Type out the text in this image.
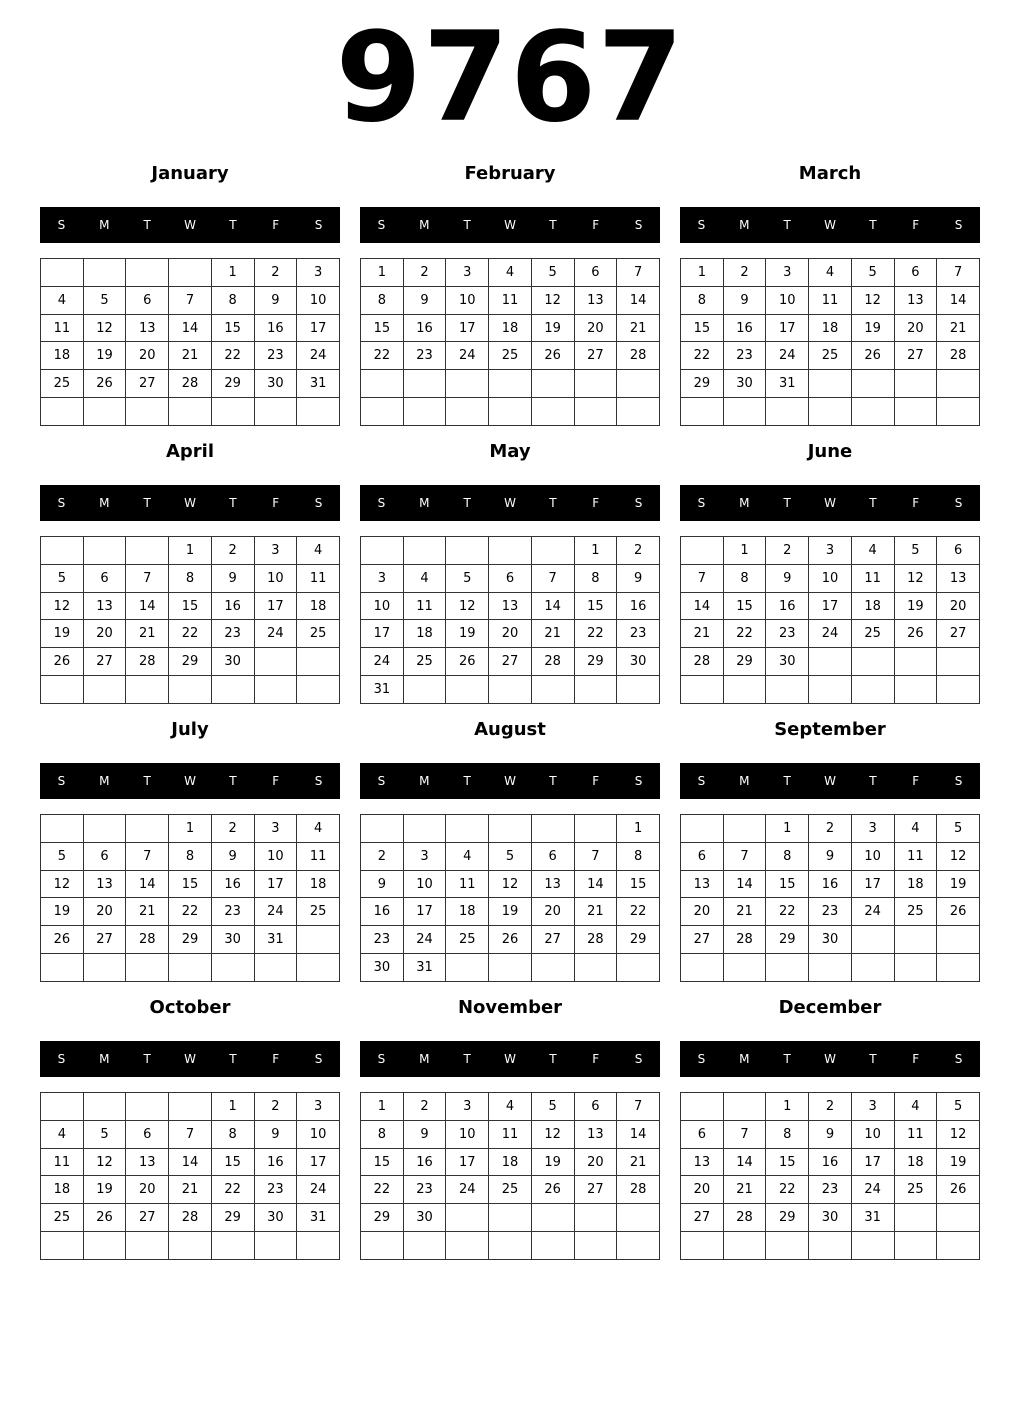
9767
January
S	M	T	W	T	F	S
				1	2	3
4	5	6	7	8	9	10
11	12	13	14	15	16	17
18	19	20	21	22	23	24
25	26	27	28	29	30	31

February
S	M	T	W	T	F	S
1	2	3	4	5	6	7
8	9	10	11	12	13	14
15	16	17	18	19	20	21
22	23	24	25	26	27	28

March
S	M	T	W	T	F	S
1	2	3	4	5	6	7
8	9	10	11	12	13	14
15	16	17	18	19	20	21
22	23	24	25	26	27	28
29	30	31				

April
S	M	T	W	T	F	S
			1	2	3	4
5	6	7	8	9	10	11
12	13	14	15	16	17	18
19	20	21	22	23	24	25
26	27	28	29	30		

May
S	M	T	W	T	F	S
					1	2
3	4	5	6	7	8	9
10	11	12	13	14	15	16
17	18	19	20	21	22	23
24	25	26	27	28	29	30
31						
June
S	M	T	W	T	F	S
	1	2	3	4	5	6
7	8	9	10	11	12	13
14	15	16	17	18	19	20
21	22	23	24	25	26	27
28	29	30				

July
S	M	T	W	T	F	S
			1	2	3	4
5	6	7	8	9	10	11
12	13	14	15	16	17	18
19	20	21	22	23	24	25
26	27	28	29	30	31	

August
S	M	T	W	T	F	S
						1
2	3	4	5	6	7	8
9	10	11	12	13	14	15
16	17	18	19	20	21	22
23	24	25	26	27	28	29
30	31					
September
S	M	T	W	T	F	S
		1	2	3	4	5
6	7	8	9	10	11	12
13	14	15	16	17	18	19
20	21	22	23	24	25	26
27	28	29	30			

October
S	M	T	W	T	F	S
				1	2	3
4	5	6	7	8	9	10
11	12	13	14	15	16	17
18	19	20	21	22	23	24
25	26	27	28	29	30	31

November
S	M	T	W	T	F	S
1	2	3	4	5	6	7
8	9	10	11	12	13	14
15	16	17	18	19	20	21
22	23	24	25	26	27	28
29	30					

December
S	M	T	W	T	F	S
		1	2	3	4	5
6	7	8	9	10	11	12
13	14	15	16	17	18	19
20	21	22	23	24	25	26
27	28	29	30	31		
